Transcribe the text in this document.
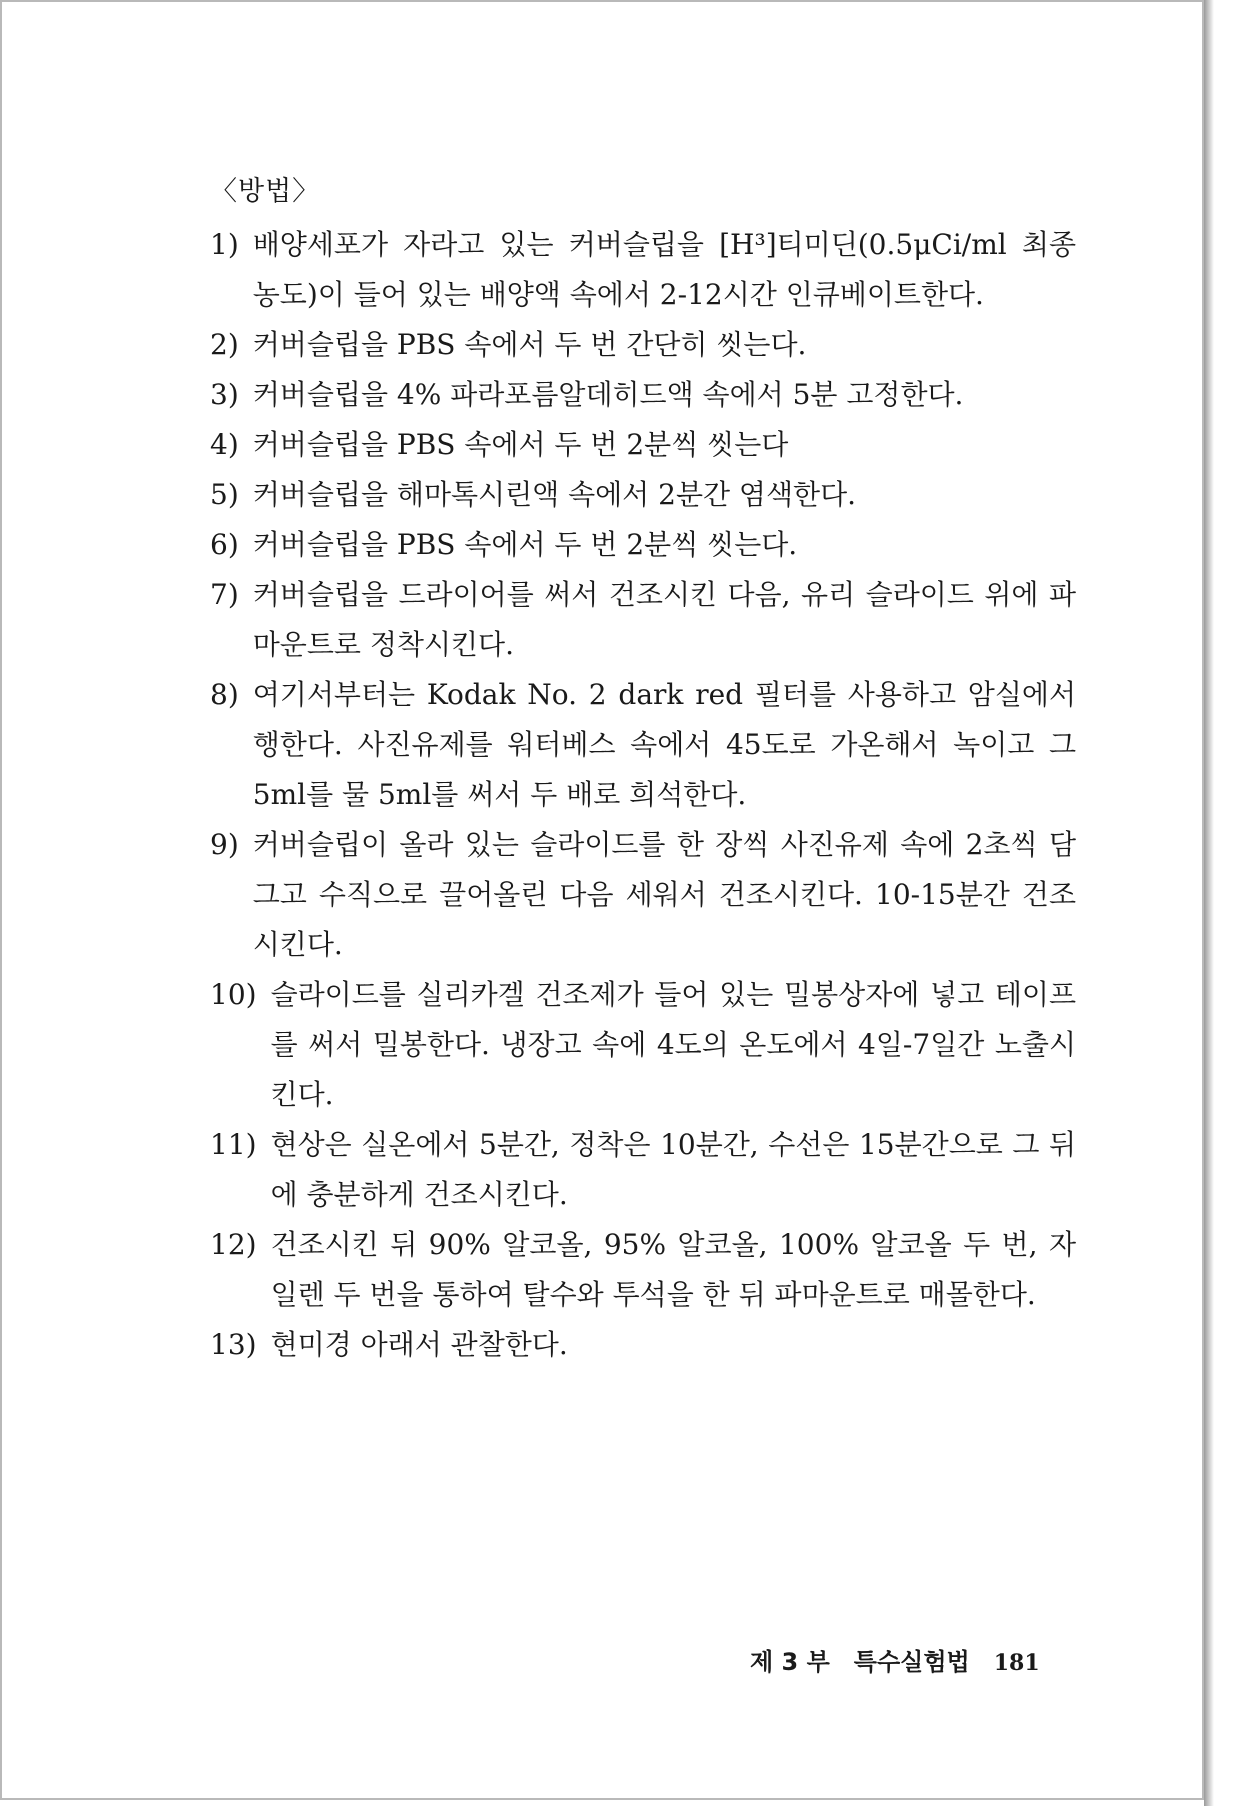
〈방법〉
1) 배양세포가 자라고 있는 커버슬립을 [H³]티미딘(0.5μCi/ml 최종 농도)이 들어 있는 배양액 속에서 2-12시간 인큐베이트한다.
2) 커버슬립을 PBS 속에서 두 번 간단히 씻는다.
3) 커버슬립을 4% 파라포름알데히드액 속에서 5분 고정한다.
4) 커버슬립을 PBS 속에서 두 번 2분씩 씻는다
5) 커버슬립을 해마톡시린액 속에서 2분간 염색한다.
6) 커버슬립을 PBS 속에서 두 번 2분씩 씻는다.
7) 커버슬립을 드라이어를 써서 건조시킨 다음, 유리 슬라이드 위에 파마운트로 정착시킨다.
8) 여기서부터는 Kodak No. 2 dark red 필터를 사용하고 암실에서 행한다. 사진유제를 워터베스 속에서 45도로 가온해서 녹이고 그 5ml를 물 5ml를 써서 두 배로 희석한다.
9) 커버슬립이 올라 있는 슬라이드를 한 장씩 사진유제 속에 2초씩 담그고 수직으로 끌어올린 다음 세워서 건조시킨다. 10-15분간 건조시킨다.
10) 슬라이드를 실리카겔 건조제가 들어 있는 밀봉상자에 넣고 테이프를 써서 밀봉한다. 냉장고 속에 4도의 온도에서 4일-7일간 노출시킨다.
11) 현상은 실온에서 5분간, 정착은 10분간, 수선은 15분간으로 그 뒤에 충분하게 건조시킨다.
12) 건조시킨 뒤 90% 알코올, 95% 알코올, 100% 알코올 두 번, 자일렌 두 번을 통하여 탈수와 투석을 한 뒤 파마운트로 매몰한다.
13) 현미경 아래서 관찰한다.
제 3 부 특수실험법 181
